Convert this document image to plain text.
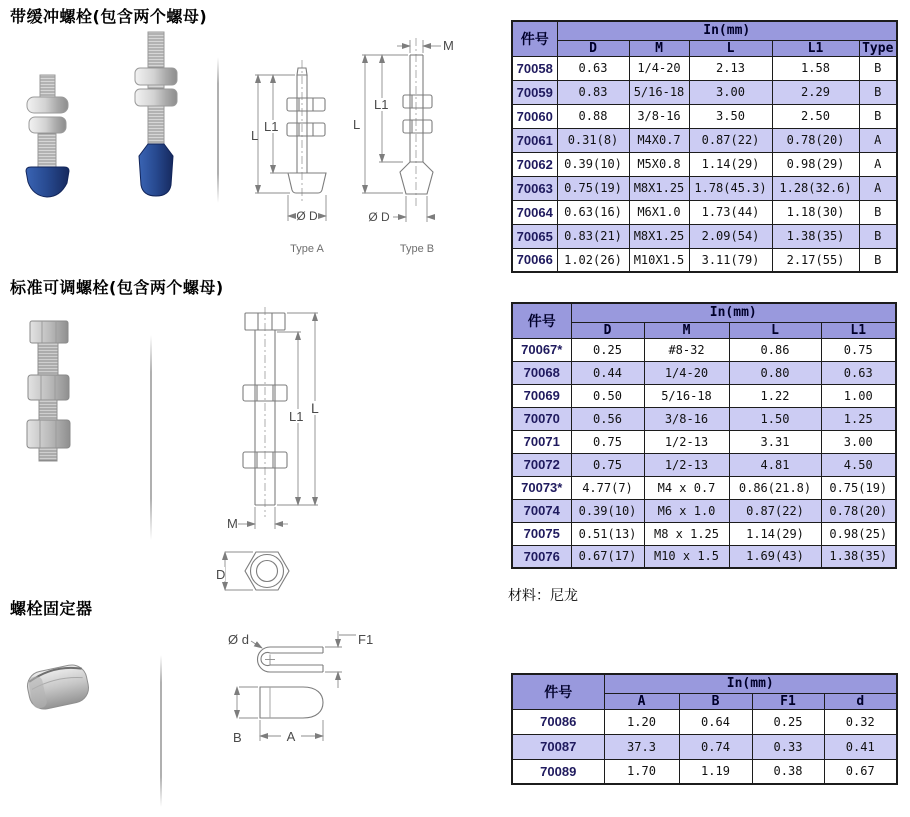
带缓冲螺栓(包含两个螺母)
标准可调螺栓(包含两个螺母)
螺栓固定器
L
L1
Ø D
Type A
M
L
L1
Ø D
Type B
L1
L
M
D
Ø d	F1
B	A
件号	In(mm)				
	D	M	L	L1	Type
70058	0.63	1/4-20	2.13	1.58	B
70059	0.83	5/16-18	3.00	2.29	B
70060	0.88	3/8-16	3.50	2.50	B
70061	0.31(8)	M4X0.7	0.87(22)	0.78(20)	A
70062	0.39(10)	M5X0.8	1.14(29)	0.98(29)	A
70063	0.75(19)	M8X1.25	1.78(45.3)	1.28(32.6)	A
70064	0.63(16)	M6X1.0	1.73(44)	1.18(30)	B
70065	0.83(21)	M8X1.25	2.09(54)	1.38(35)	B
70066	1.02(26)	M10X1.5	3.11(79)	2.17(55)	B
件号	In(mm)			
	D	M	L	L1
70067*	0.25	#8-32	0.86	0.75
70068	0.44	1/4-20	0.80	0.63
70069	0.50	5/16-18	1.22	1.00
70070	0.56	3/8-16	1.50	1.25
70071	0.75	1/2-13	3.31	3.00
70072	0.75	1/2-13	4.81	4.50
70073*	4.77(7)	M4 x 0.7	0.86(21.8)	0.75(19)
70074	0.39(10)	M6 x 1.0	0.87(22)	0.78(20)
70075	0.51(13)	M8 x 1.25	1.14(29)	0.98(25)
70076	0.67(17)	M10 x 1.5	1.69(43)	1.38(35)
件号	In(mm)			
	A	B	F1	d
70086	1.20	0.64	0.25	0.32
70087	37.3	0.74	0.33	0.41
70089	1.70	1.19	0.38	0.67
材料：尼龙
